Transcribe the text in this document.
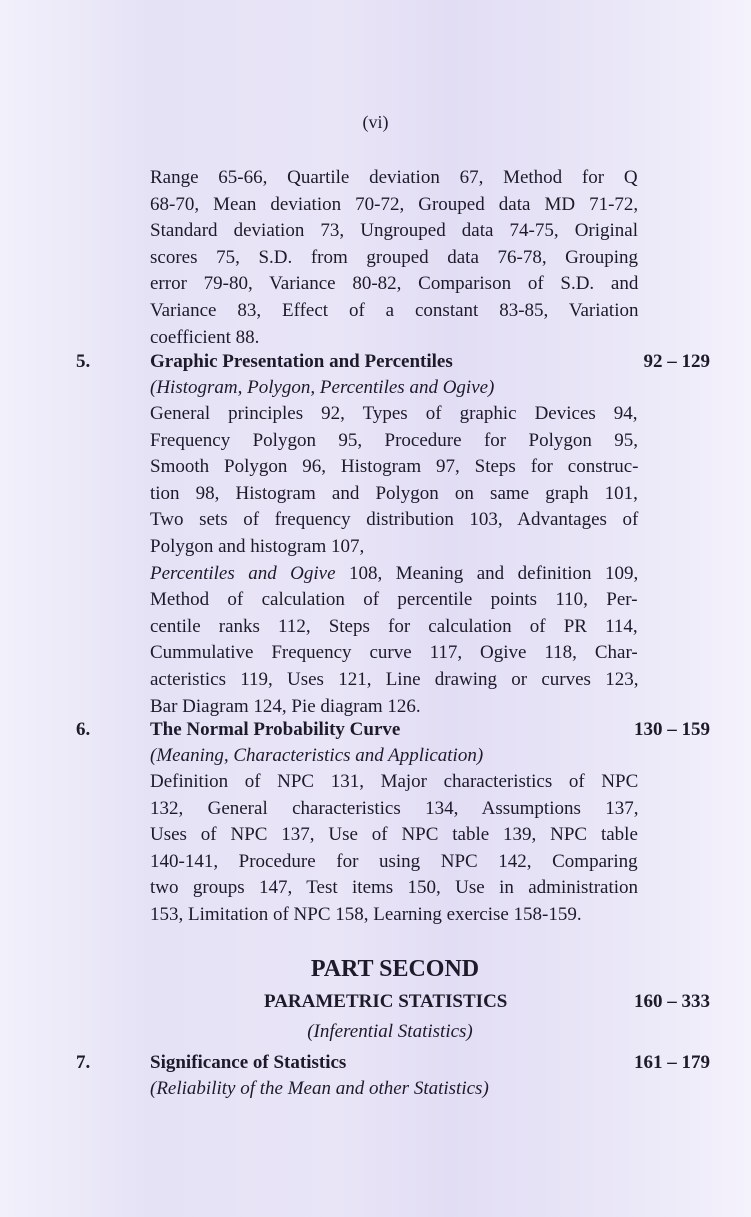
(vi)
Range 65-66, Quartile deviation 67, Method for Q
68-70, Mean deviation 70-72, Grouped data MD 71-72,
Standard deviation 73, Ungrouped data 74-75, Original
scores 75, S.D. from grouped data 76-78, Grouping
error 79-80, Variance 80-82, Comparison of S.D. and
Variance 83, Effect of a constant 83-85, Variation
coefficient 88.
5.	Graphic Presentation and Percentiles	92 – 129
(Histogram, Polygon, Percentiles and Ogive)
General principles 92, Types of graphic Devices 94,
Frequency Polygon 95, Procedure for Polygon 95,
Smooth Polygon 96, Histogram 97, Steps for construc-
tion 98, Histogram and Polygon on same graph 101,
Two sets of frequency distribution 103, Advantages of
Polygon and histogram 107,
Percentiles and Ogive 108, Meaning and definition 109,
Method of calculation of percentile points 110, Per-
centile ranks 112, Steps for calculation of PR 114,
Cummulative Frequency curve 117, Ogive 118, Char-
acteristics 119, Uses 121, Line drawing or curves 123,
Bar Diagram 124, Pie diagram 126.
6.	The Normal Probability Curve	130 – 159
(Meaning, Characteristics and Application)
Definition of NPC 131, Major characteristics of NPC
132, General characteristics 134, Assumptions 137,
Uses of NPC 137, Use of NPC table 139, NPC table
140-141, Procedure for using NPC 142, Comparing
two groups 147, Test items 150, Use in administration
153, Limitation of NPC 158, Learning exercise 158-159.
PART SECOND
PARAMETRIC STATISTICS	160 – 333
(Inferential Statistics)
7.	Significance of Statistics	161 – 179
(Reliability of the Mean and other Statistics)
